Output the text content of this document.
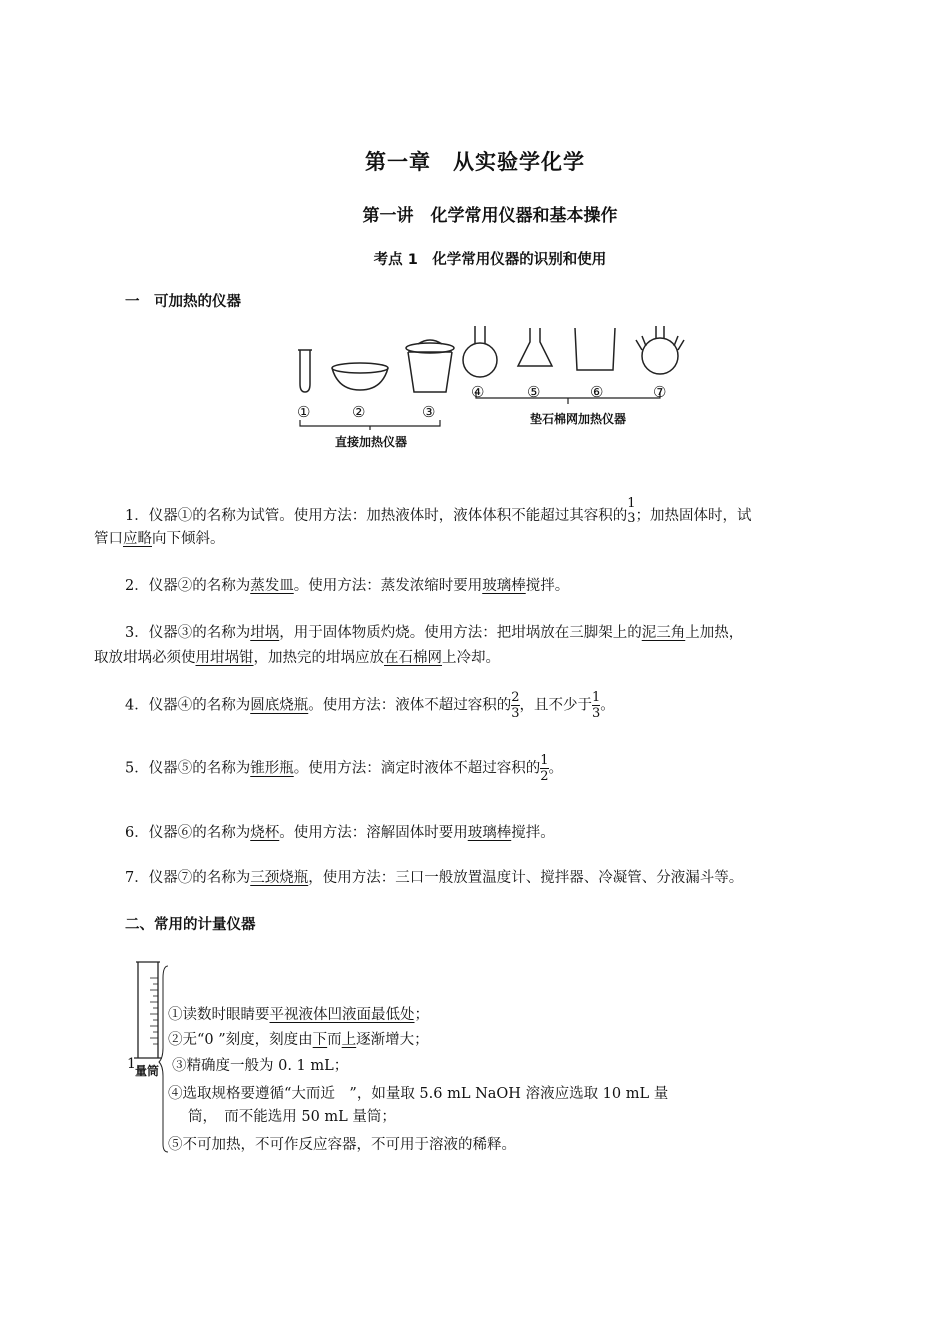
第一章　从实验学化学
第一讲　化学常用仪器和基本操作
考点 1　化学常用仪器的识别和使用
一　可加热的仪器
①	②	③
④	⑤	⑥	⑦
直接加热仪器
垫石棉网加热仪器
1．仪器①的名称为试管。使用方法：加热液体时，液体体积不能超过其容积的
1
3 ；加热固体时，试
管口应略向下倾斜。
2．仪器②的名称为蒸发皿。使用方法：蒸发浓缩时要用玻璃棒搅拌。
3．仪器③的名称为坩埚，用于固体物质灼烧。使用方法：把坩埚放在三脚架上的泥三角上加热，
取放坩埚必须使用坩埚钳，加热完的坩埚应放在石棉网上冷却。
4．仪器④的名称为圆底烧瓶。使用方法：液体不超过容积的 $\frac{2}{3}$ ，且不少于 $\frac{1}{3}$ 。
5．仪器⑤的名称为锥形瓶。使用方法：滴定时液体不超过容积的 $\frac{1}{2}$ 。
6．仪器⑥的名称为烧杯。使用方法：溶解固体时要用玻璃棒搅拌。
7．仪器⑦的名称为三颈烧瓶，使用方法：三口一般放置温度计、搅拌器、冷凝管、分液漏斗等。
二、常用的计量仪器
1.
量筒
①读数时眼睛要平视液体凹液面最低处；
②无“0 ”刻度，刻度由下而上逐渐增大；
③精确度一般为 0. 1 mL；
④选取规格要遵循“大而近　”，如量取 5.6 mL NaOH 溶液应选取 10 mL 量
筒，　而不能选用 50 mL 量筒；
⑤不可加热，不可作反应容器，不可用于溶液的稀释。
